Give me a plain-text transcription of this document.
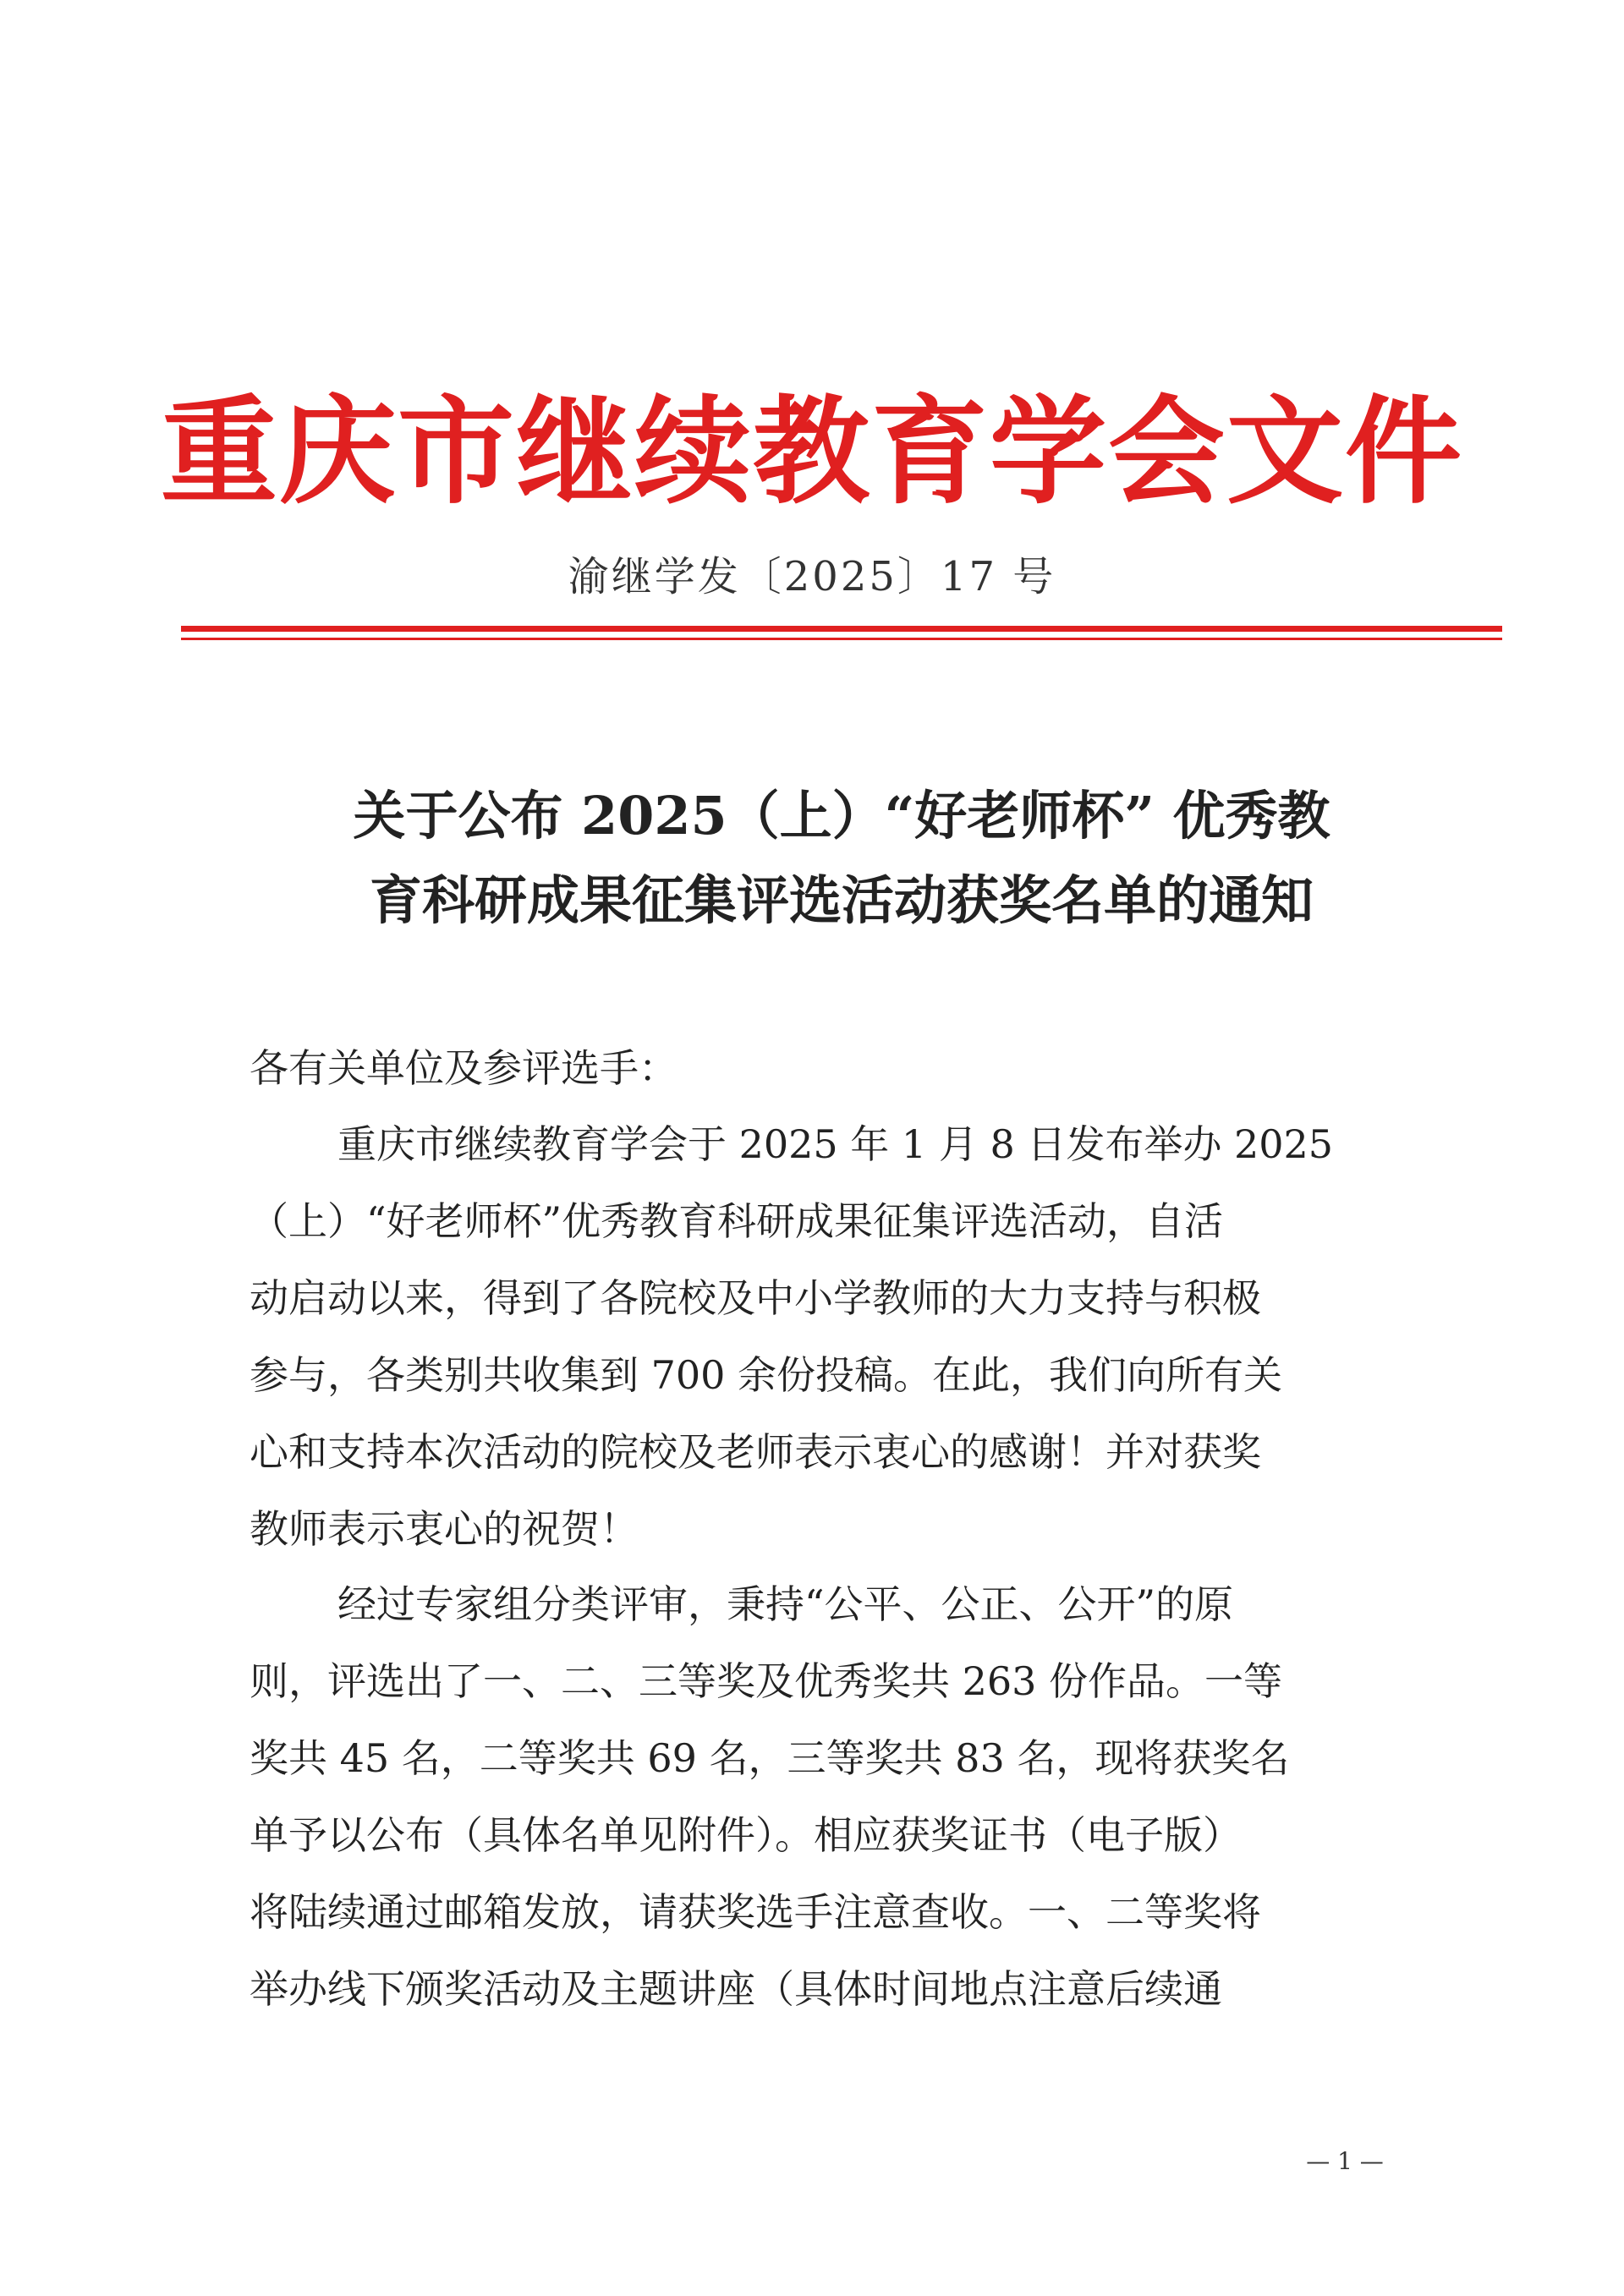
重庆市继续教育学会文件
渝继学发〔2025〕17 号
关于公布 2025（上）“好老师杯” 优秀教
育科研成果征集评选活动获奖名单的通知
各有关单位及参评选手：
重庆市继续教育学会于 2025 年 1 月 8 日发布举办 2025
（上）“好老师杯”优秀教育科研成果征集评选活动，自活
动启动以来，得到了各院校及中小学教师的大力支持与积极
参与，各类别共收集到 700 余份投稿。在此，我们向所有关
心和支持本次活动的院校及老师表示衷心的感谢！并对获奖
教师表示衷心的祝贺！
经过专家组分类评审，秉持“公平、公正、公开”的原
则，评选出了一、二、三等奖及优秀奖共 263 份作品。一等
奖共 45 名，二等奖共 69 名，三等奖共 83 名，现将获奖名
单予以公布（具体名单见附件）。相应获奖证书（电子版）
将陆续通过邮箱发放，请获奖选手注意查收。一、二等奖将
举办线下颁奖活动及主题讲座（具体时间地点注意后续通
— 1 —
